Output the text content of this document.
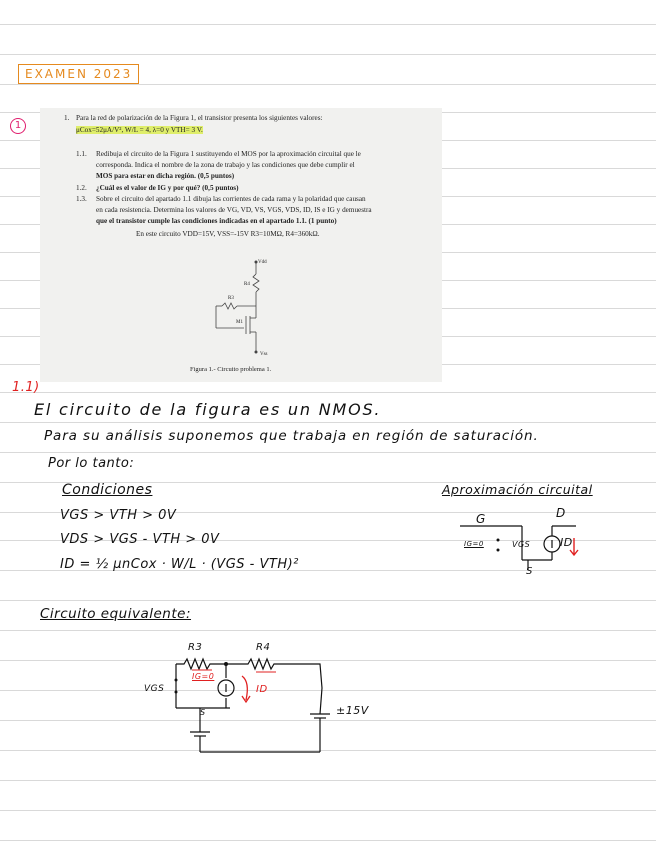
EXAMEN 2023
1
1. Para la red de polarización de la Figura 1, el transistor presenta los siguientes valores:
μCox=52μA/V², W/L = 4, λ=0 y VTH= 3 V.
1.1. Redibuja el circuito de la Figura 1 sustituyendo el MOS por la aproximación circuital que le
corresponda. Indica el nombre de la zona de trabajo y las condiciones que debe cumplir el
MOS para estar en dicha región. (0,5 puntos)
1.2. ¿Cuál es el valor de IG y por qué? (0,5 puntos)
1.3. Sobre el circuito del apartado 1.1 dibuja las corrientes de cada rama y la polaridad que causan
en cada resistencia. Determina los valores de VG, VD, VS, VGS, VDS, ID, IS e IG y demuestra
que el transistor cumple las condiciones indicadas en el apartado 1.1. (1 punto)
En este circuito VDD=15V, VSS=-15V R3=10MΩ, R4=360kΩ.
Vdd
R4
R3
M1
Vss
Figura 1.- Circuito problema 1.
1.1)
El circuito de la figura es un NMOS.
Para su análisis suponemos que trabaja en región de saturación.
Por lo tanto:
Condiciones
VGS > VTH > 0V
VDS > VGS - VTH > 0V
ID = ½ μnCox · W/L · (VGS - VTH)²
Aproximación circuital
G	D
S
IG=0	VGS	ID
Circuito equivalente:
R3	R4
IG=0
ID
VGS
S	±15V
